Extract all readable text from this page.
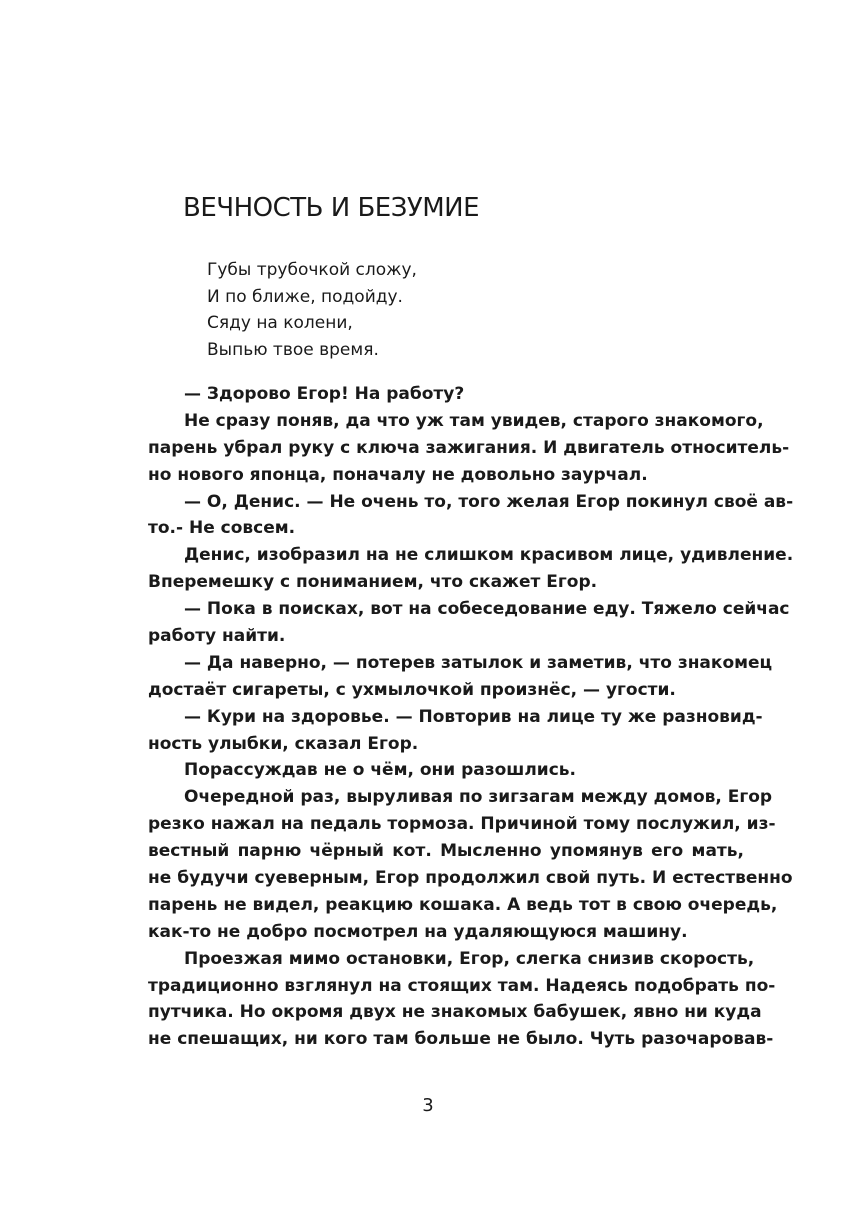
ВЕЧНОСТЬ И БЕЗУМИЕ
Губы трубочкой сложу,
И по ближе, подойду.
Сяду на колени,
Выпью твое время.
— Здорово Егор! На работу?
Не сразу поняв, да что уж там увидев, старого знакомого,
парень убрал руку с ключа зажигания. И двигатель относитель-
но нового японца, поначалу не довольно заурчал.
— О, Денис. — Не очень то, того желая Егор покинул своё ав-
то.- Не совсем.
Денис, изобразил на не слишком красивом лице, удивление.
Вперемешку с пониманием, что скажет Егор.
— Пока в поисках, вот на собеседование еду. Тяжело сейчас
работу найти.
— Да наверно, — потерев затылок и заметив, что знакомец
достаёт сигареты, с ухмылочкой произнёс, — угости.
— Кури на здоровье. — Повторив на лице ту же разновид-
ность улыбки, сказал Егор.
Порассуждав не о чём, они разошлись.
Очередной раз, выруливая по зигзагам между домов, Егор
резко нажал на педаль тормоза. Причиной тому послужил, из-
вестный парню чёрный кот. Мысленно упомянув его мать,
не будучи суеверным, Егор продолжил свой путь. И естественно
парень не видел, реакцию кошака. А ведь тот в свою очередь,
как-то не добро посмотрел на удаляющуюся машину.
Проезжая мимо остановки, Егор, слегка снизив скорость,
традиционно взглянул на стоящих там. Надеясь подобрать по-
путчика. Но окромя двух не знакомых бабушек, явно ни куда
не спешащих, ни кого там больше не было. Чуть разочаровав-
3
